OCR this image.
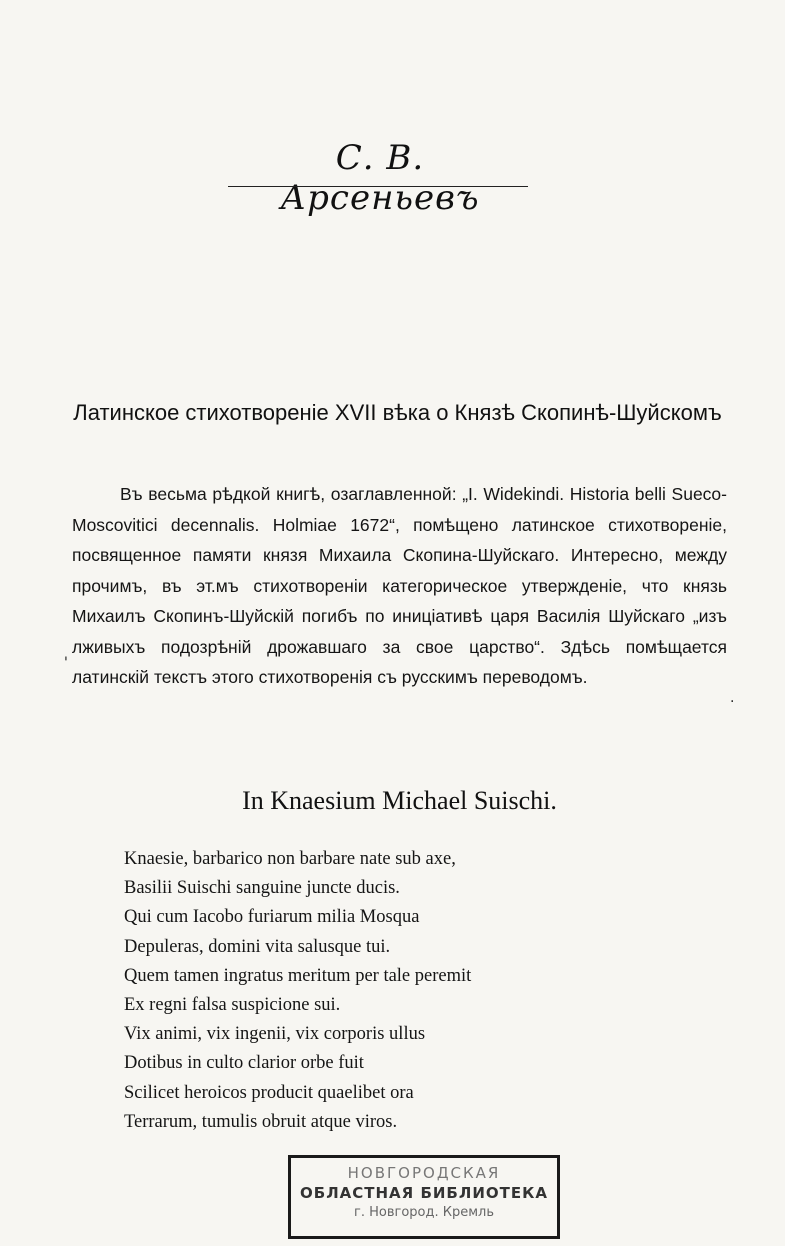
С. В. Арсеньевъ
Латинское стихотвореніе XVII вѣка о Князѣ Скопинѣ-Шуйскомъ

Въ весьма рѣдкой книгѣ, озаглавленной: „I. Widekindi. Historia belli Sueco-Moscovitici decennalis. Holmiae 1672“, помѣщено латинское стихотвореніе, посвященное памяти князя Михаила Скопина-Шуйскаго. Интересно, между прочимъ, въ эт.мъ стихотвореніи категорическое утвержденіе, что князь Михаилъ Скопинъ-Шуйскій погибъ по иниціативѣ царя Василія Шуйскаго „изъ лживыхъ подозрѣній дрожавшаго за свое царство“. Здѣсь помѣщается латинскій текстъ этого стихотворенія съ русскимъ переводомъ.

In Knaesium Michael Suischi.
Knaesie, barbarico non barbare nate sub axe,
Basilii Suischi sanguine juncte ducis.
Qui cum Iacobo furiarum milia Mosqua
Depuleras, domini vita salusque tui.
Quem tamen ingratus meritum per tale peremit
Ex regni falsa suspicione sui.
Vix animi, vix ingenii, vix corporis ullus
Dotibus in culto clarior orbe fuit
Scilicet heroicos producit quaelibet ora
Terrarum, tumulis obruit atque viros.
НОВГОРОДСКАЯ
ОБЛАСТНАЯ БИБЛИОТЕКА
г. Новгород. Кремль
'
.
